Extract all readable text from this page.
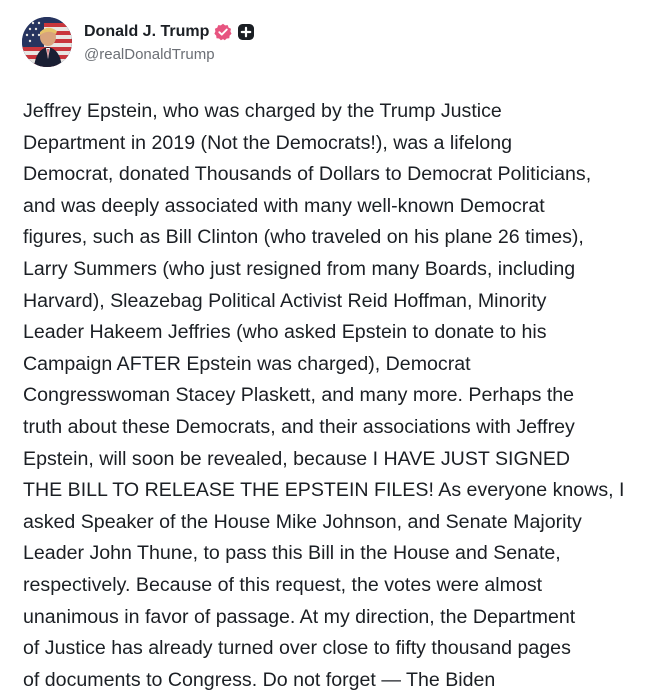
Donald J. Trump
@realDonaldTrump
Jeffrey Epstein, who was charged by the Trump Justice
Department in 2019 (Not the Democrats!), was a lifelong
Democrat, donated Thousands of Dollars to Democrat Politicians,
and was deeply associated with many well-known Democrat
figures, such as Bill Clinton (who traveled on his plane 26 times),
Larry Summers (who just resigned from many Boards, including
Harvard), Sleazebag Political Activist Reid Hoffman, Minority
Leader Hakeem Jeffries (who asked Epstein to donate to his
Campaign AFTER Epstein was charged), Democrat
Congresswoman Stacey Plaskett, and many more. Perhaps the
truth about these Democrats, and their associations with Jeffrey
Epstein, will soon be revealed, because I HAVE JUST SIGNED
THE BILL TO RELEASE THE EPSTEIN FILES! As everyone knows, I
asked Speaker of the House Mike Johnson, and Senate Majority
Leader John Thune, to pass this Bill in the House and Senate,
respectively. Because of this request, the votes were almost
unanimous in favor of passage. At my direction, the Department
of Justice has already turned over close to fifty thousand pages
of documents to Congress. Do not forget — The Biden
